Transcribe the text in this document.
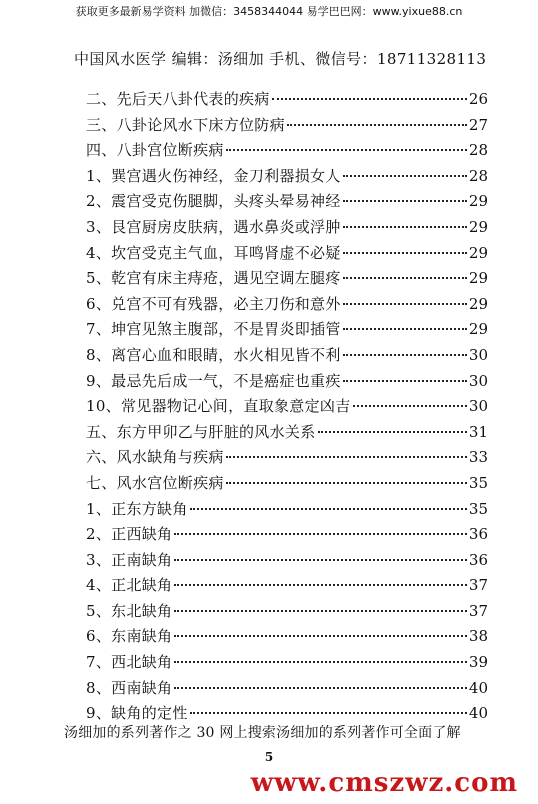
获取更多最新易学资料 加微信：3458344044 易学巴巴网：www.yixue88.cn
中国风水医学 编辑：汤细加 手机、微信号：18711328113
二、先后天八卦代表的疾病	26
三、八卦论风水下床方位防病	27
四、八卦宫位断疾病	28
1、巽宫遇火伤神经，金刀利器损女人	28
2、震宫受克伤腿脚，头疼头晕易神经	29
3、艮宫厨房皮肤病，遇水鼻炎或浮肿	29
4、坎宫受克主气血，耳鸣肾虚不必疑	29
5、乾宫有床主痔疮，遇见空调左腿疼	29
6、兑宫不可有残器，必主刀伤和意外	29
7、坤宫见煞主腹部，不是胃炎即插管	29
8、离宫心血和眼睛，水火相见皆不利	30
9、最忌先后成一气，不是癌症也重疾	30
10、常见器物记心间，直取象意定凶吉	30
五、东方甲卯乙与肝脏的风水关系	31
六、风水缺角与疾病	33
七、风水宫位断疾病	35
1、正东方缺角	35
2、正西缺角	36
3、正南缺角	36
4、正北缺角	37
5、东北缺角	37
6、东南缺角	38
7、西北缺角	39
8、西南缺角	40
9、缺角的定性	40
汤细加的系列著作之 30 网上搜索汤细加的系列著作可全面了解
5
www.cmszwz.com
